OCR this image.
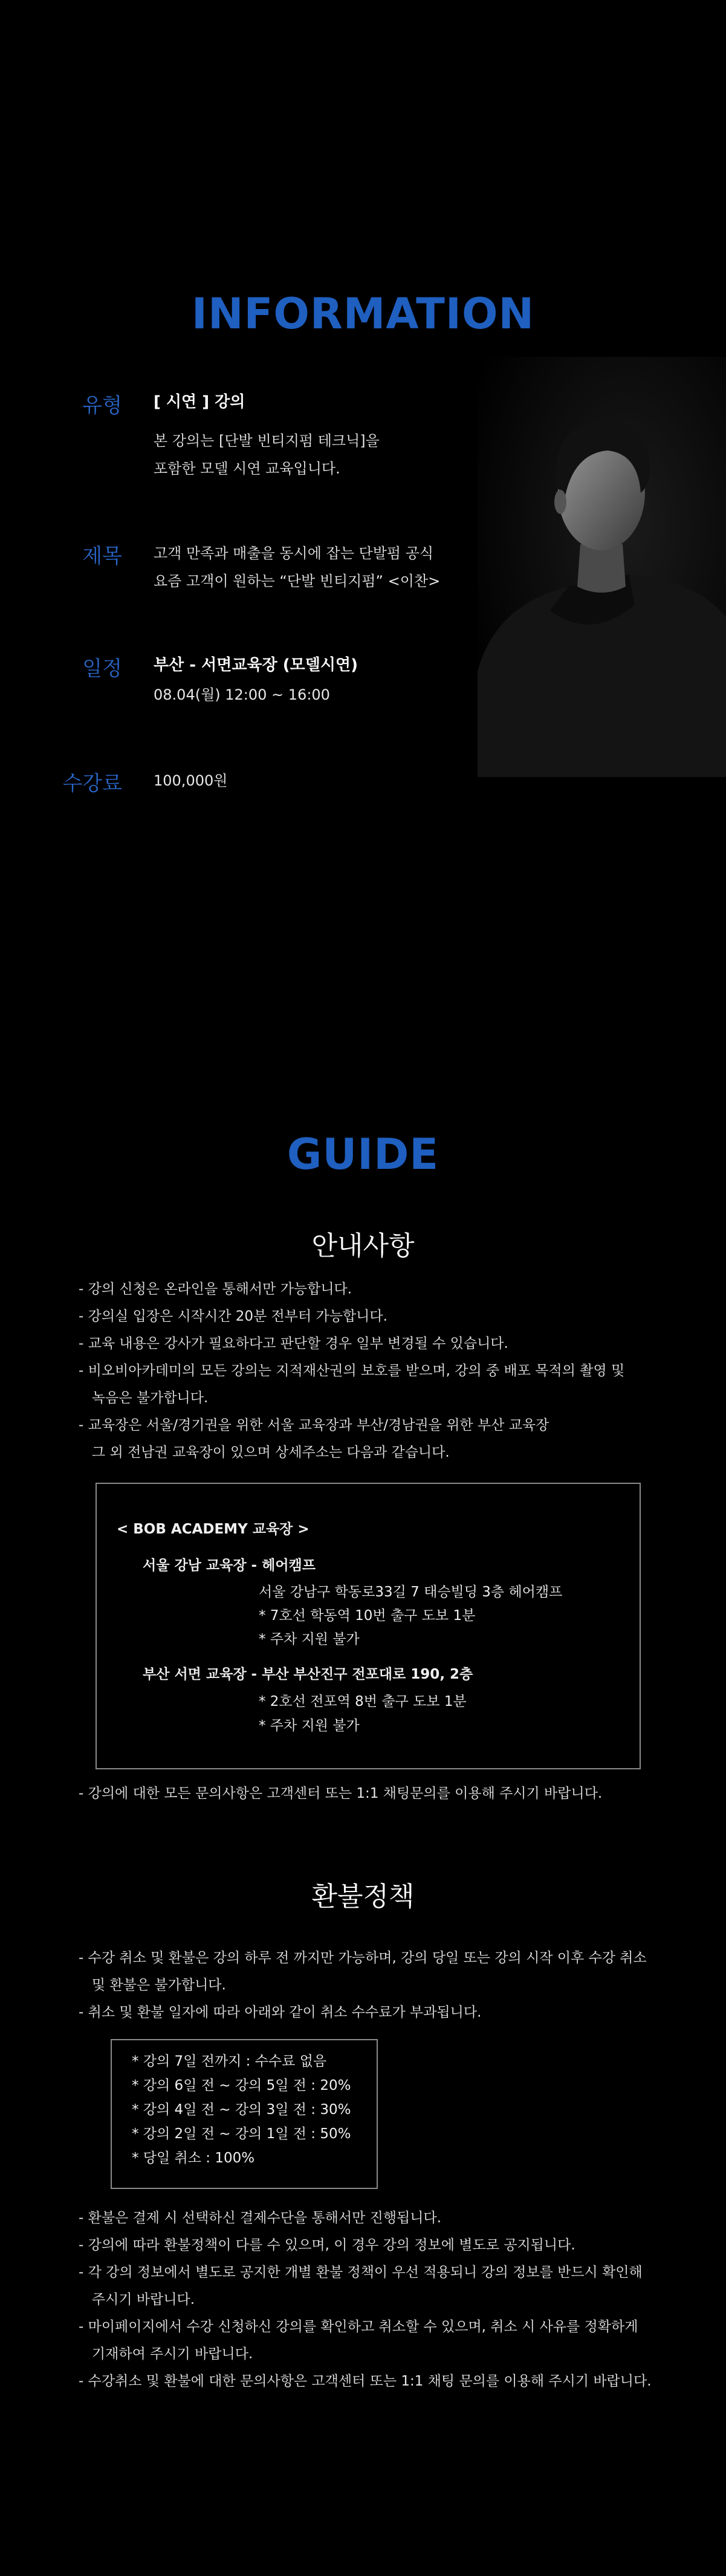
INFORMATION
유형 [ 시연 ] 강의
본 강의는 [단발 빈티지펌 테크닉]을
포함한 모델 시연 교육입니다.
제목 고객 만족과 매출을 동시에 잡는 단발펌 공식
요즘 고객이 원하는 “단발 빈티지펌” <이찬>
일정 부산 - 서면교육장 (모델시연)
08.04(월) 12:00 ~ 16:00
수강료 100,000원
GUIDE
안내사항
- 강의 신청은 온라인을 통해서만 가능합니다.
- 강의실 입장은 시작시간 20분 전부터 가능합니다.
- 교육 내용은 강사가 필요하다고 판단할 경우 일부 변경될 수 있습니다.
- 비오비아카데미의 모든 강의는 지적재산권의 보호를 받으며, 강의 중 배포 목적의 촬영 및
녹음은 불가합니다.
- 교육장은 서울/경기권을 위한 서울 교육장과 부산/경남권을 위한 부산 교육장
그 외 전남권 교육장이 있으며 상세주소는 다음과 같습니다.
< BOB ACADEMY 교육장 >
서울 강남 교육장 - 헤어캠프
서울 강남구 학동로33길 7 태승빌딩 3층 헤어캠프
* 7호선 학동역 10번 출구 도보 1분
* 주차 지원 불가
부산 서면 교육장 - 부산 부산진구 전포대로 190, 2층
* 2호선 전포역 8번 출구 도보 1분
* 주차 지원 불가
- 강의에 대한 모든 문의사항은 고객센터 또는 1:1 채팅문의를 이용해 주시기 바랍니다.
환불정책
- 수강 취소 및 환불은 강의 하루 전 까지만 가능하며, 강의 당일 또는 강의 시작 이후 수강 취소
및 환불은 불가합니다.
- 취소 및 환불 일자에 따라 아래와 같이 취소 수수료가 부과됩니다.
* 강의 7일 전까지 : 수수료 없음
* 강의 6일 전 ~ 강의 5일 전 : 20%
* 강의 4일 전 ~ 강의 3일 전 : 30%
* 강의 2일 전 ~ 강의 1일 전 : 50%
* 당일 취소 : 100%
- 환불은 결제 시 선택하신 결제수단을 통해서만 진행됩니다.
- 강의에 따라 환불정책이 다를 수 있으며, 이 경우 강의 정보에 별도로 공지됩니다.
- 각 강의 정보에서 별도로 공지한 개별 환불 정책이 우선 적용되니 강의 정보를 반드시 확인해
주시기 바랍니다.
- 마이페이지에서 수강 신청하신 강의를 확인하고 취소할 수 있으며, 취소 시 사유를 정확하게
기재하여 주시기 바랍니다.
- 수강취소 및 환불에 대한 문의사항은 고객센터 또는 1:1 채팅 문의를 이용해 주시기 바랍니다.
